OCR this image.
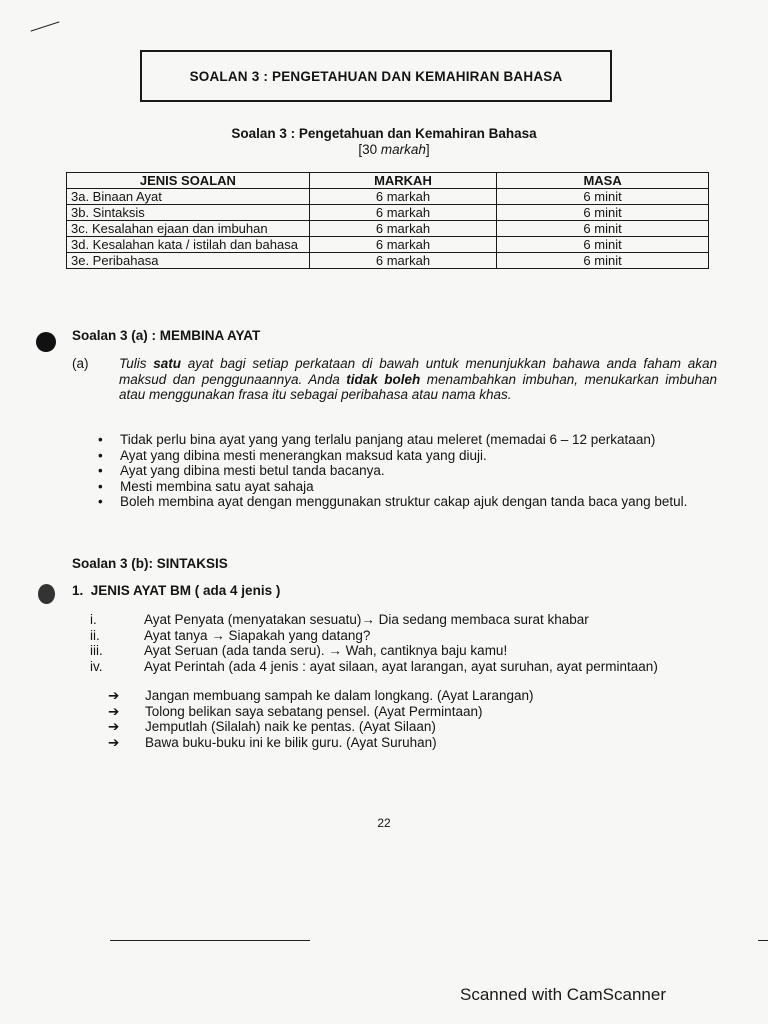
SOALAN 3 : PENGETAHUAN DAN KEMAHIRAN BAHASA
Soalan 3 : Pengetahuan dan Kemahiran Bahasa
[30 markah]
JENIS SOALAN	MARKAH	MASA
3a. Binaan Ayat	6 markah	6 minit
3b. Sintaksis	6 markah	6 minit
3c. Kesalahan ejaan dan imbuhan	6 markah	6 minit
3d. Kesalahan kata / istilah dan bahasa	6 markah	6 minit
3e. Peribahasa	6 markah	6 minit
Soalan 3 (a) : MEMBINA AYAT
(a) Tulis satu ayat bagi setiap perkataan di bawah untuk menunjukkan bahawa anda faham akan maksud dan penggunaannya. Anda tidak boleh menambahkan imbuhan, menukarkan imbuhan atau menggunakan frasa itu sebagai peribahasa atau nama khas.
•	Tidak perlu bina ayat yang yang terlalu panjang atau meleret (memadai 6 – 12 perkataan)
•	Ayat yang dibina mesti menerangkan maksud kata yang diuji.
•	Ayat yang dibina mesti betul tanda bacanya.
•	Mesti membina satu ayat sahaja
•	Boleh membina ayat dengan menggunakan struktur cakap ajuk dengan tanda baca yang betul.
Soalan 3 (b): SINTAKSIS
1.  JENIS AYAT BM ( ada 4 jenis )
i.	Ayat Penyata (menyatakan sesuatu)→ Dia sedang membaca surat khabar
ii.	Ayat tanya → Siapakah yang datang?
iii.	Ayat Seruan (ada tanda seru). → Wah, cantiknya baju kamu!
iv.	Ayat Perintah (ada 4 jenis : ayat silaan, ayat larangan, ayat suruhan, ayat permintaan)
➔	Jangan membuang sampah ke dalam longkang. (Ayat Larangan)
➔	Tolong belikan saya sebatang pensel. (Ayat Permintaan)
➔	Jemputlah (Silalah) naik ke pentas. (Ayat Silaan)
➔	Bawa buku-buku ini ke bilik guru. (Ayat Suruhan)
22
Scanned with CamScanner
